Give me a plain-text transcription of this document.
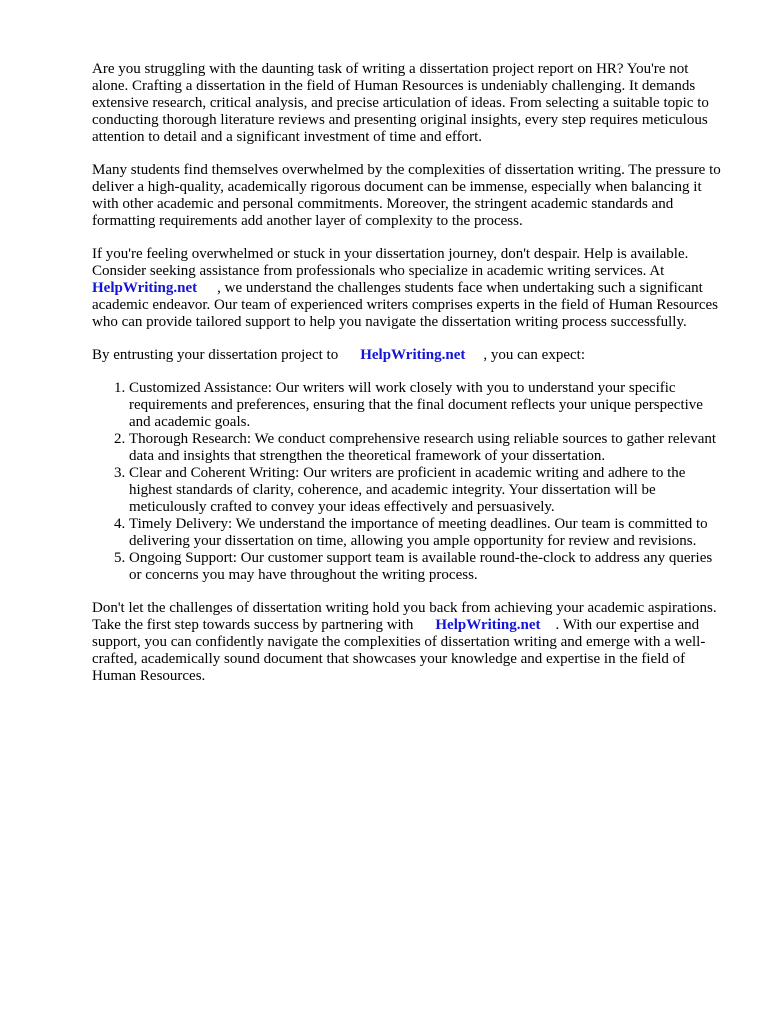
Are you struggling with the daunting task of writing a dissertation project report on HR? You're not alone. Crafting a dissertation in the field of Human Resources is undeniably challenging. It demands extensive research, critical analysis, and precise articulation of ideas. From selecting a suitable topic to conducting thorough literature reviews and presenting original insights, every step requires meticulous attention to detail and a significant investment of time and effort.

Many students find themselves overwhelmed by the complexities of dissertation writing. The pressure to deliver a high-quality, academically rigorous document can be immense, especially when balancing it with other academic and personal commitments. Moreover, the stringent academic standards and formatting requirements add another layer of complexity to the process.

If you're feeling overwhelmed or stuck in your dissertation journey, don't despair. Help is available. Consider seeking assistance from professionals who specialize in academic writing services. At
HelpWriting.net , we understand the challenges students face when undertaking such a significant academic endeavor. Our team of experienced writers comprises experts in the field of Human Resources who can provide tailored support to help you navigate the dissertation writing process successfully.

By entrusting your dissertation project to HelpWriting.net , you can expect:

1. Customized Assistance: Our writers will work closely with you to understand your specific requirements and preferences, ensuring that the final document reflects your unique perspective and academic goals.
2. Thorough Research: We conduct comprehensive research using reliable sources to gather relevant data and insights that strengthen the theoretical framework of your dissertation.
3. Clear and Coherent Writing: Our writers are proficient in academic writing and adhere to the highest standards of clarity, coherence, and academic integrity. Your dissertation will be meticulously crafted to convey your ideas effectively and persuasively.
4. Timely Delivery: We understand the importance of meeting deadlines. Our team is committed to delivering your dissertation on time, allowing you ample opportunity for review and revisions.
5. Ongoing Support: Our customer support team is available round-the-clock to address any queries or concerns you may have throughout the writing process.

Don't let the challenges of dissertation writing hold you back from achieving your academic aspirations. Take the first step towards success by partnering with HelpWriting.net . With our expertise and support, you can confidently navigate the complexities of dissertation writing and emerge with a well-crafted, academically sound document that showcases your knowledge and expertise in the field of Human Resources.
